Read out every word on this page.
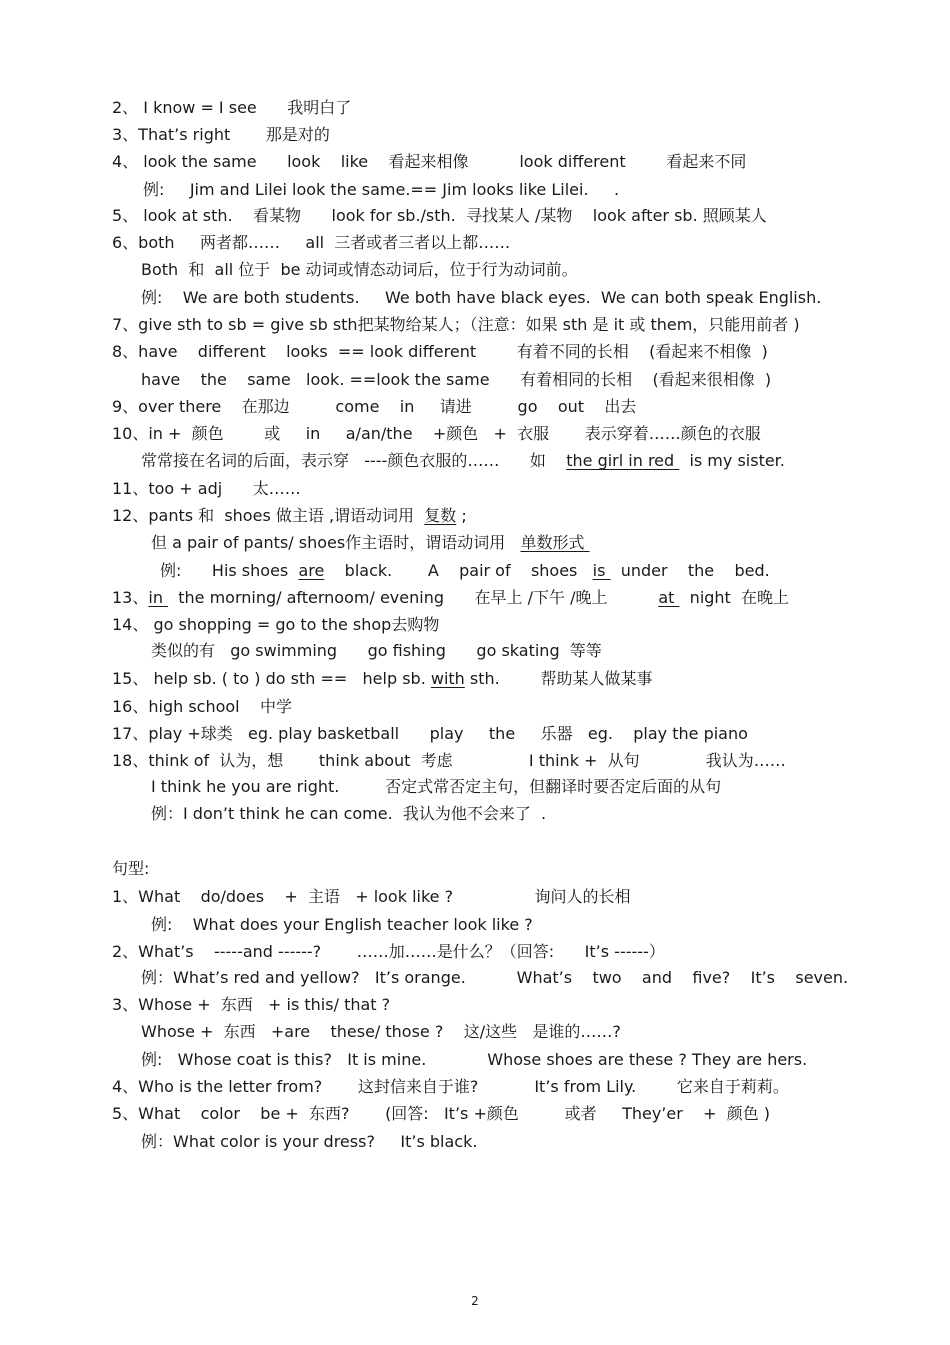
2、 I know = I see      我明白了
3、That’s right       那是对的
4、 look the same      look    like    看起来相像          look different        看起来不同
例:     Jim and Lilei look the same.== Jim looks like Lilei.     .
5、 look at sth.    看某物      look for sb./sth.  寻找某人 /某物    look after sb. 照顾某人
6、both     两者都……     all  三者或者三者以上都……
Both  和  all 位于  be 动词或情态动词后，位于行为动词前。
例:    We are both students.     We both have black eyes.  We can both speak English.
7、give sth to sb = give sb sth把某物给某人；（注意：如果 sth 是 it 或 them，只能用前者 )
8、have    different    looks  == look different        有着不同的长相    (看起来不相像  )
have    the    same   look. ==look the same      有着相同的长相    (看起来很相像  )
9、over there    在那边         come    in     请进         go    out    出去
10、in +  颜色        或     in     a/an/the    +颜色   +  衣服       表示穿着……颜色的衣服
常常接在名词的后面，表示穿   ----颜色衣服的……      如    the girl in red   is my sister.
11、too + adj      太……
12、pants 和  shoes 做主语 ,谓语动词用  复数 ;
但 a pair of pants/ shoes作主语时，谓语动词用   单数形式
例:      His shoes  are    black.       A    pair of    shoes   is   under    the    bed.
13、in   the morning/ afternoom/ evening      在早上 /下午 /晚上          at   night  在晚上
14、 go shopping = go to the shop去购物
类似的有   go swimming      go fishing      go skating  等等
15、 help sb. ( to ) do sth ==   help sb. with sth.        帮助某人做某事
16、high school    中学
17、play +球类   eg. play basketball      play     the     乐器   eg.    play the piano
18、think of  认为，想       think about  考虑               I think +  从句             我认为……
I think he you are right.         否定式常否定主句，但翻译时要否定后面的从句
例：I don’t think he can come.  我认为他不会来了  .
句型:
1、What    do/does    +  主语   + look like ?                询问人的长相
例:    What does your English teacher look like ?
2、What’s    -----and ------?       ……加……是什么？（回答:      It’s ------）
例：What’s red and yellow?   It’s orange.          What’s    two    and    five?    It’s    seven.
3、Whose +  东西   + is this/ that ?
Whose +  东西   +are    these/ those ?    这/这些   是谁的……?
例:   Whose coat is this?   It is mine.            Whose shoes are these ? They are hers.
4、Who is the letter from?       这封信来自于谁?           It’s from Lily.        它来自于莉莉。
5、What    color    be +  东西?       (回答:   It’s +颜色         或者     They’er    +  颜色 )
例：What color is your dress?     It’s black.
2
